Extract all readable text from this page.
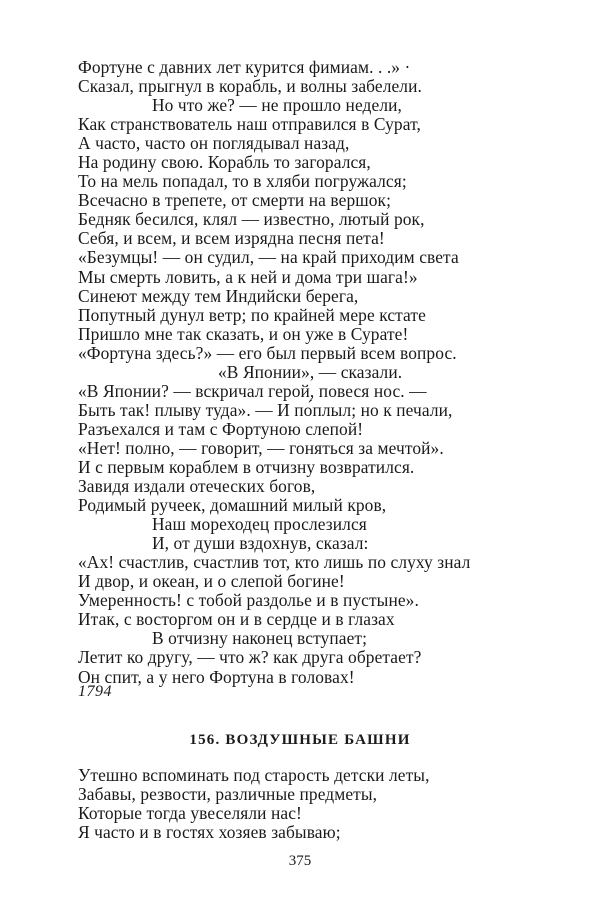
Фортуне с давних лет курится фимиам. . .» ·
Сказал, прыгнул в корабль, и волны забелели.
Но что же? — не прошло недели,
Как странствователь наш отправился в Сурат,
А часто, часто он поглядывал назад,
На родину свою. Корабль то загорался,
То на мель попадал, то в хляби погружался;
Всечасно в трепете, от смерти на вершок;
Бедняк бесился, клял — известно, лютый рок,
Себя, и всем, и всем изрядна песня пета!
«Безумцы! — он судил, — на край приходим света
Мы смерть ловить, а к ней и дома три шага!»
Синеют между тем Индийски берега,
Попутный дунул ветр; по крайней мере кстате
Пришло мне так сказать, и он уже в Сурате!
«Фортуна здесь?» — его был первый всем вопрос.
«В Японии», — сказали.
«В Японии? — вскричал герой, повеся нос. —
Быть так! плыву туда». — И по́плыл; но к печали,
Разъехался и там с Фортуною слепой!
«Нет! полно, — говорит, — гоняться за мечтой».
И с первым кораблем в отчизну возвратился.
Завидя издали отеческих богов,
Родимый ручеек, домашний милый кров,
Наш мореходец прослезился
И, от души вздохнув, сказал:
«Ах! счастлив, счастлив тот, кто лишь по слуху знал
И двор, и океан, и о слепой богине!
Умеренность! с тобой раздолье и в пустыне».
Итак, с восторгом он и в сердце и в глазах
В отчизну наконец вступает;
Летит ко другу, — что ж? как друга обретает?
Он спит, а у него Фортуна в головах!
1794
156. ВОЗДУШНЫЕ БАШНИ
Утешно вспоминать под старость детски леты,
Забавы, резвости, различные предметы,
Которые тогда увеселяли нас!
Я часто и в гостях хозяев забываю;
375
